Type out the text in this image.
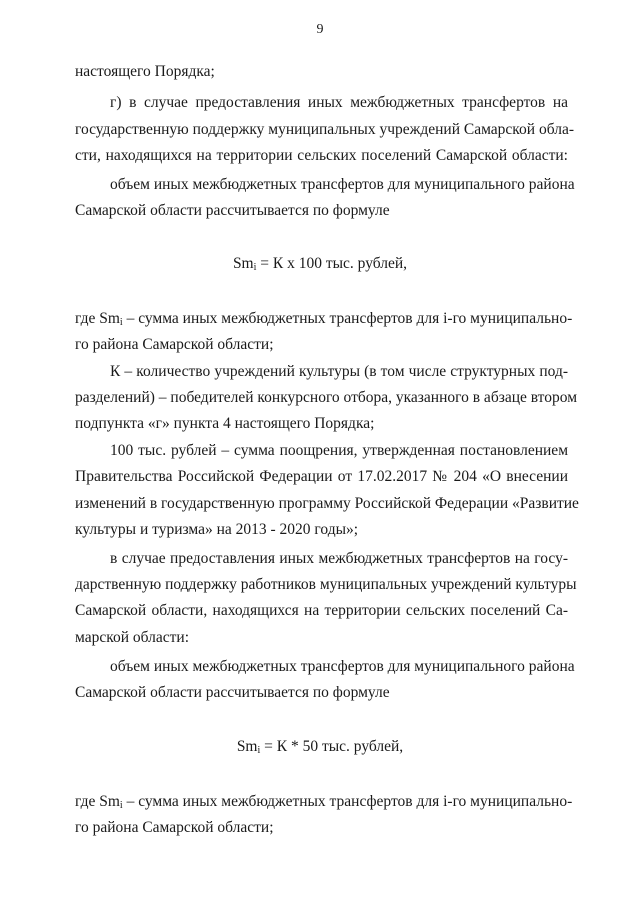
9
настоящего Порядка;
г) в случае предоставления иных межбюджетных трансфертов на
государственную поддержку муниципальных учреждений Самарской обла-
сти, находящихся на территории сельских поселений Самарской области:
объем иных межбюджетных трансфертов для муниципального района
Самарской области рассчитывается по формуле
$Sm_i = К$ х 100 тыс. рублей,
где $Sm_i$ – сумма иных межбюджетных трансфертов для i-го муниципально-
го района Самарской области;
К – количество учреждений культуры (в том числе структурных под-
разделений) – победителей конкурсного отбора, указанного в абзаце втором
подпункта «г» пункта 4 настоящего Порядка;
100 тыс. рублей – сумма поощрения, утвержденная постановлением
Правительства Российской Федерации от 17.02.2017 № 204 «О внесении
изменений в государственную программу Российской Федерации «Развитие
культуры и туризма» на 2013 - 2020 годы»;
в случае предоставления иных межбюджетных трансфертов на госу-
дарственную поддержку работников муниципальных учреждений культуры
Самарской области, находящихся на территории сельских поселений Са-
марской области:
объем иных межбюджетных трансфертов для муниципального района
Самарской области рассчитывается по формуле
$Sm_i = К * 50$ тыс. рублей,
где $Sm_i$ – сумма иных межбюджетных трансфертов для i-го муниципально-
го района Самарской области;
